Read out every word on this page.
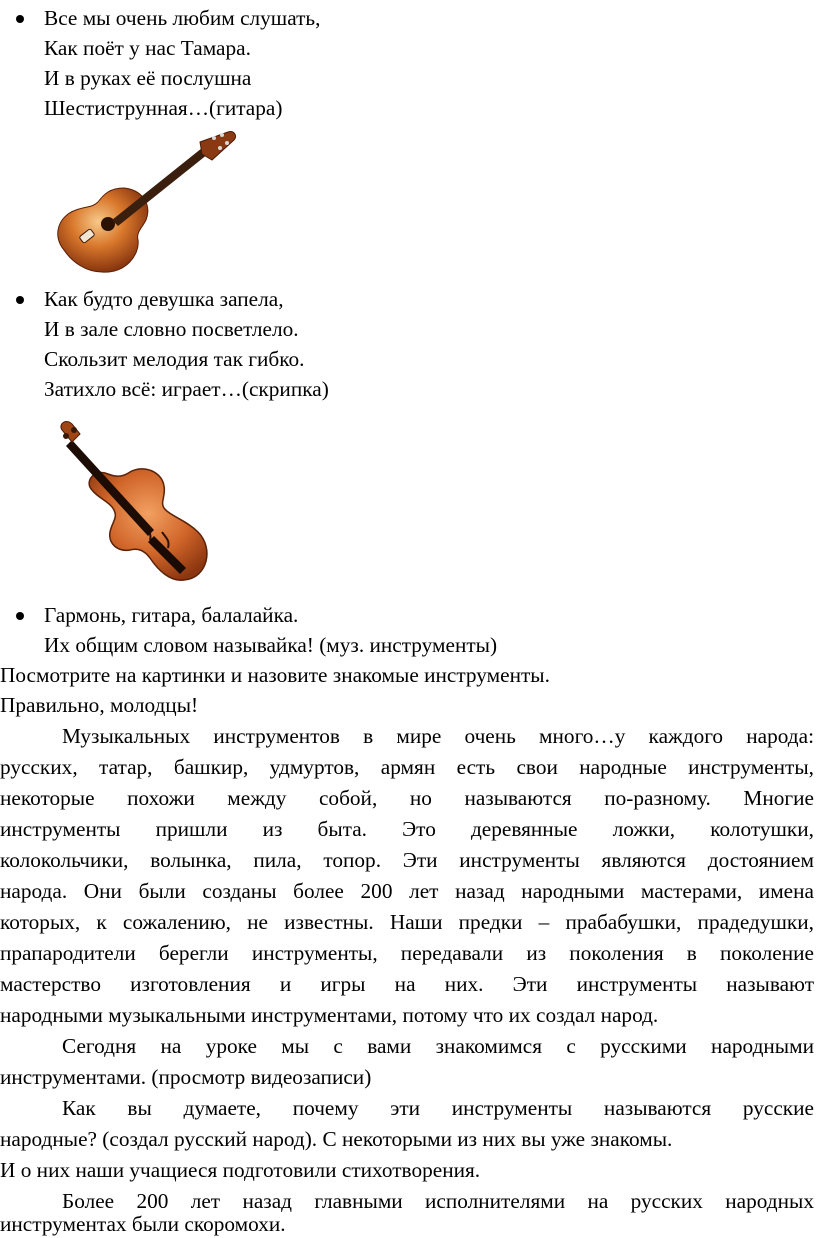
Все мы очень любим слушать,
Как поёт у нас Тамара.
И в руках её послушна
Шестиструнная…(гитара)
Как будто девушка запела,
И в зале словно посветлело.
Скользит мелодия так гибко.
Затихло всё: играет…(скрипка)
Гармонь, гитара, балалайка.
Их общим словом называйка! (муз. инструменты)
Посмотрите на картинки и назовите знакомые инструменты.
Правильно, молодцы!
Музыкальных инструментов в мире очень много…у каждого народа:
русских, татар, башкир, удмуртов, армян есть свои народные инструменты,
некоторые похожи между собой, но называются по-разному. Многие
инструменты пришли из быта. Это деревянные ложки, колотушки,
колокольчики, волынка, пила, топор. Эти инструменты являются достоянием
народа. Они были созданы более 200 лет назад народными мастерами, имена
которых, к сожалению, не известны. Наши предки – прабабушки, прадедушки,
прапародители берегли инструменты, передавали из поколения в поколение
мастерство изготовления и игры на них. Эти инструменты называют
народными музыкальными инструментами, потому что их создал народ.
Сегодня на уроке мы с вами знакомимся с русскими народными
инструментами. (просмотр видеозаписи)
Как вы думаете, почему эти инструменты называются русские
народные? (создал русский народ). С некоторыми из них вы уже знакомы.
И о них наши учащиеся подготовили стихотворения.
Более 200 лет назад главными исполнителями на русских народных
инструментах были скоромохи.
